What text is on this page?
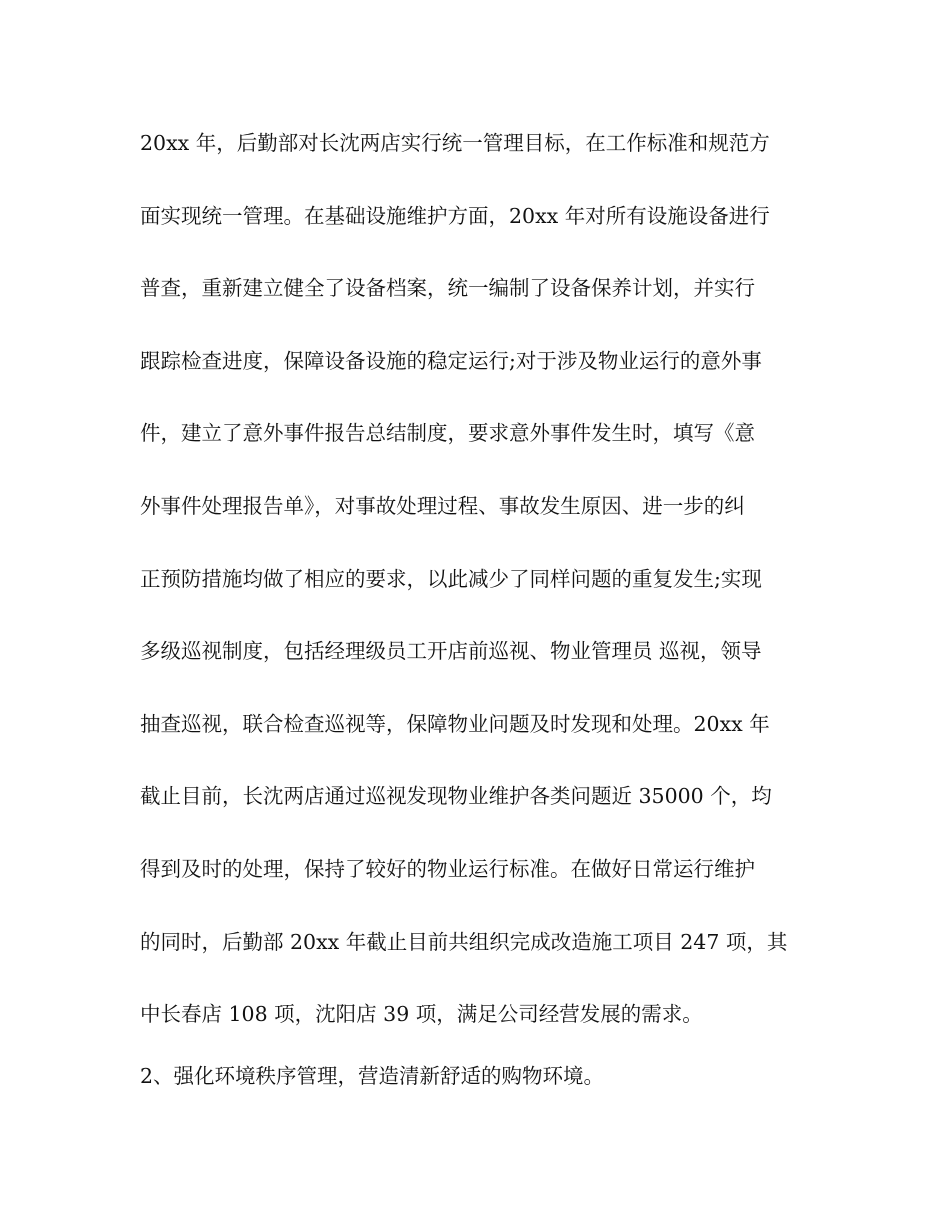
20xx 年，后勤部对长沈两店实行统一管理目标，在工作标准和规范方
面实现统一管理。在基础设施维护方面，20xx 年对所有设施设备进行
普查，重新建立健全了设备档案，统一编制了设备保养计划，并实行
跟踪检查进度，保障设备设施的稳定运行;对于涉及物业运行的意外事
件，建立了意外事件报告总结制度，要求意外事件发生时，填写《意
外事件处理报告单》，对事故处理过程、事故发生原因、进一步的纠
正预防措施均做了相应的要求，以此减少了同样问题的重复发生;实现
多级巡视制度，包括经理级员工开店前巡视、物业管理员 巡视，领导
抽查巡视，联合检查巡视等，保障物业问题及时发现和处理。20xx 年
截止目前，长沈两店通过巡视发现物业维护各类问题近 35000 个，均
得到及时的处理，保持了较好的物业运行标准。在做好日常运行维护
的同时，后勤部 20xx 年截止目前共组织完成改造施工项目 247 项，其
中长春店 108 项，沈阳店 39 项，满足公司经营发展的需求。
2、强化环境秩序管理，营造清新舒适的购物环境。
